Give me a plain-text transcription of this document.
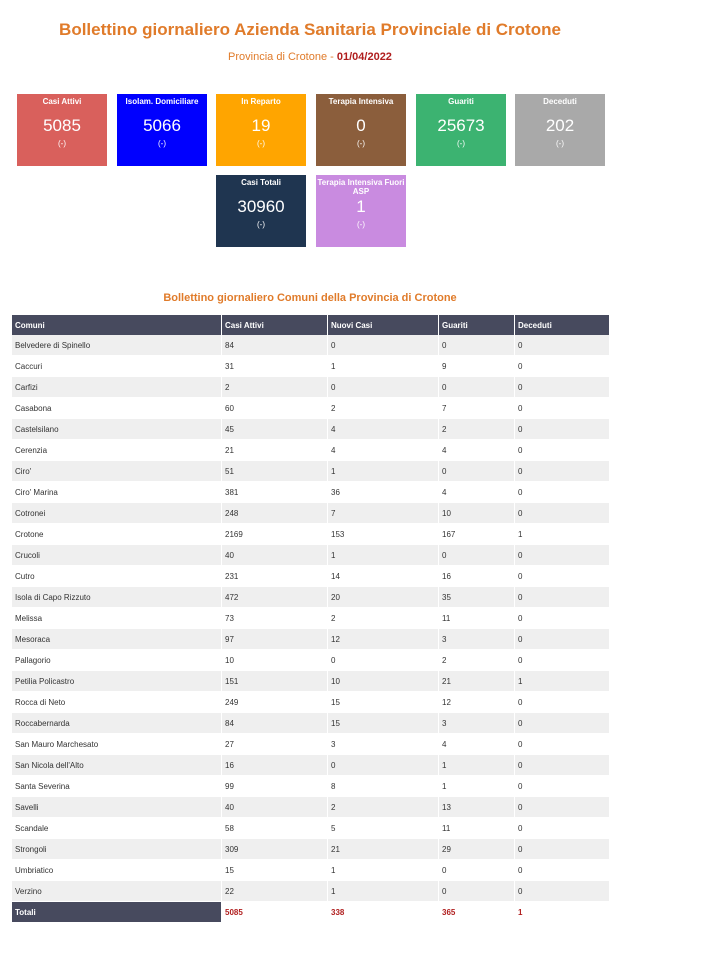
Bollettino giornaliero Azienda Sanitaria Provinciale di Crotone
Provincia di Crotone - 01/04/2022
Casi Attivi
5085
(-)
Isolam. Domiciliare
5066
(-)
In Reparto
19
(-)
Terapia Intensiva
0
(-)
Guariti
25673
(-)
Deceduti
202
(-)
Casi Totali
30960
(-)
Terapia Intensiva Fuori ASP
1
(-)
Bollettino giornaliero Comuni della Provincia di Crotone
Comuni	Casi Attivi	Nuovi Casi	Guariti	Deceduti
Belvedere di Spinello	84	0	0	0
Caccuri	31	1	9	0
Carfizi	2	0	0	0
Casabona	60	2	7	0
Castelsilano	45	4	2	0
Cerenzia	21	4	4	0
Ciro'	51	1	0	0
Ciro' Marina	381	36	4	0
Cotronei	248	7	10	0
Crotone	2169	153	167	1
Crucoli	40	1	0	0
Cutro	231	14	16	0
Isola di Capo Rizzuto	472	20	35	0
Melissa	73	2	11	0
Mesoraca	97	12	3	0
Pallagorio	10	0	2	0
Petilia Policastro	151	10	21	1
Rocca di Neto	249	15	12	0
Roccabernarda	84	15	3	0
San Mauro Marchesato	27	3	4	0
San Nicola dell'Alto	16	0	1	0
Santa Severina	99	8	1	0
Savelli	40	2	13	0
Scandale	58	5	11	0
Strongoli	309	21	29	0
Umbriatico	15	1	0	0
Verzino	22	1	0	0
Totali	5085	338	365	1
